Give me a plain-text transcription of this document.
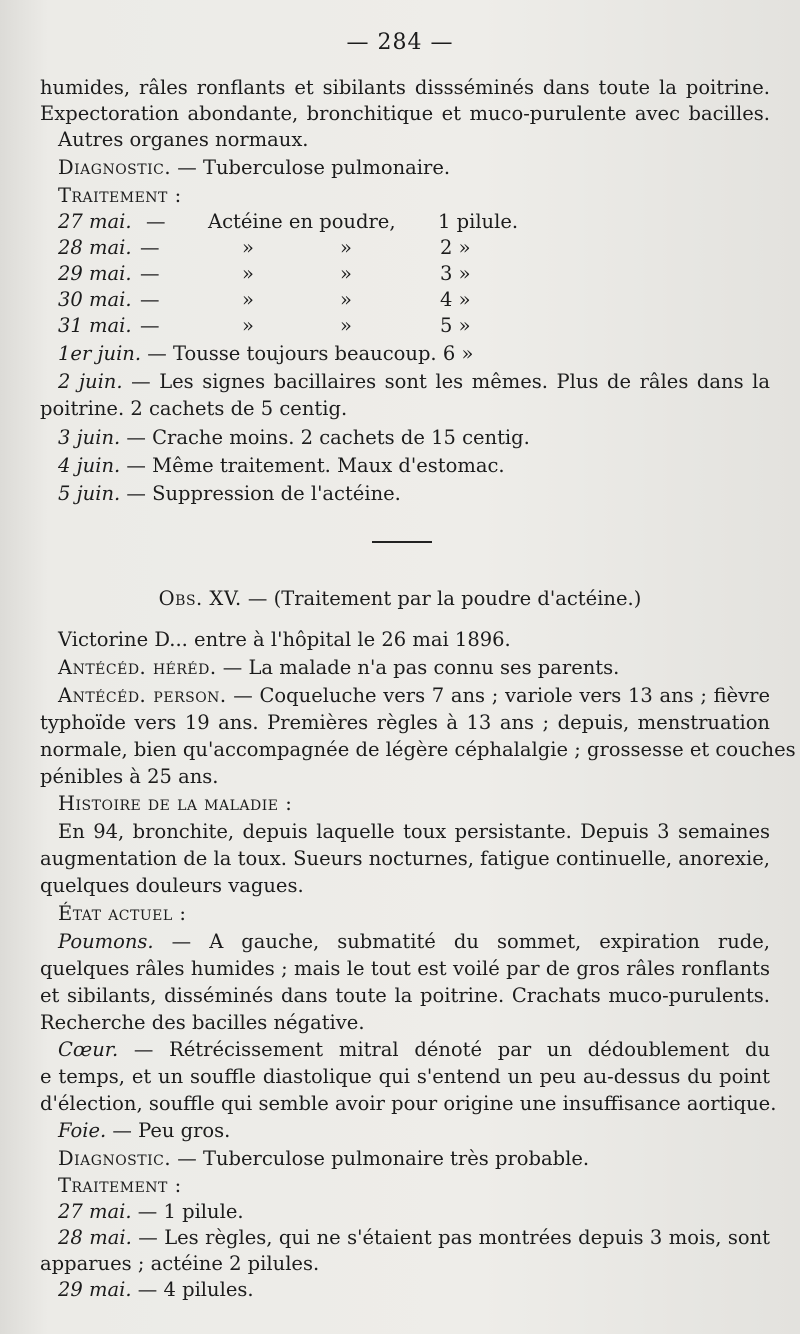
— 284 —
humides, râles ronflants et sibilants dissséminés dans toute la poitrine.
Expectoration abondante, bronchitique et muco-purulente avec bacilles.
Autres organes normaux.
Diagnostic. — Tuberculose pulmonaire.
Traitement :
27 mai. — Actéine en poudre, 1 pilule.
28 mai. —	»	»	2 »
29 mai. —	»	»	3 »
30 mai. —	»	»	4 »
31 mai. —	»	»	5 »
1er juin. — Tousse toujours beaucoup. 6 »
2 juin. — Les signes bacillaires sont les mêmes. Plus de râles dans la
poitrine. 2 cachets de 5 centig.
3 juin. — Crache moins. 2 cachets de 15 centig.
4 juin. — Même traitement. Maux d'estomac.
5 juin. — Suppression de l'actéine.
Obs. XV. — (Traitement par la poudre d'actéine.)
Victorine D... entre à l'hôpital le 26 mai 1896.
Antécéd. héréd. — La malade n'a pas connu ses parents.
Antécéd. person. — Coqueluche vers 7 ans ; variole vers 13 ans ; fièvre
typhoïde vers 19 ans. Premières règles à 13 ans ; depuis, menstruation
normale, bien qu'accompagnée de légère céphalalgie ; grossesse et couches
pénibles à 25 ans.
Histoire de la maladie :
En 94, bronchite, depuis laquelle toux persistante. Depuis 3 semaines
augmentation de la toux. Sueurs nocturnes, fatigue continuelle, anorexie,
quelques douleurs vagues.
État actuel :
Poumons. — A gauche, submatité du sommet, expiration rude,
quelques râles humides ; mais le tout est voilé par de gros râles ronflants
et sibilants, disséminés dans toute la poitrine. Crachats muco-purulents.
Recherche des bacilles négative.
Cœur. — Rétrécissement mitral dénoté par un dédoublement du
e temps, et un souffle diastolique qui s'entend un peu au-dessus du point
d'élection, souffle qui semble avoir pour origine une insuffisance aortique.
Foie. — Peu gros.
Diagnostic. — Tuberculose pulmonaire très probable.
Traitement :
27 mai. — 1 pilule.
28 mai. — Les règles, qui ne s'étaient pas montrées depuis 3 mois, sont
apparues ; actéine 2 pilules.
29 mai. — 4 pilules.
